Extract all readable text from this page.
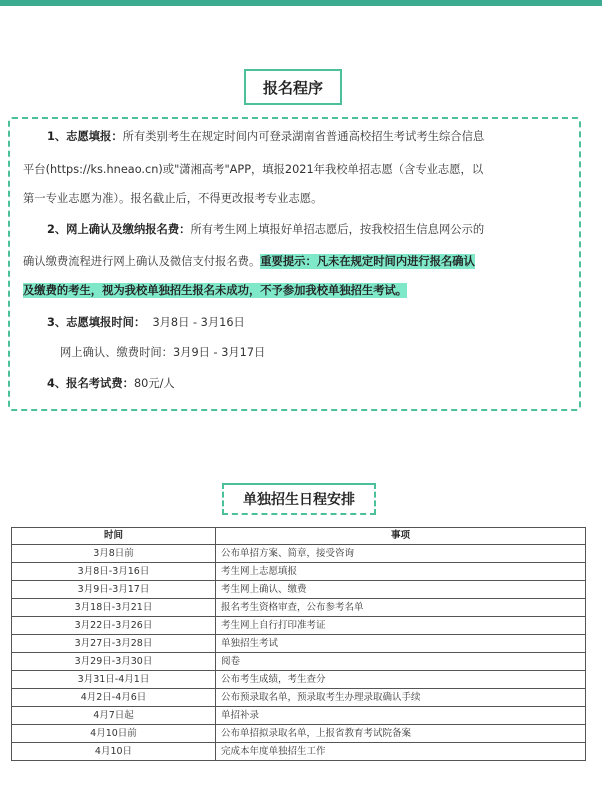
报名程序
1、志愿填报：所有类别考生在规定时间内可登录湖南省普通高校招生考试考生综合信息
平台(https://ks.hneao.cn)或"潇湘高考"APP，填报2021年我校单招志愿（含专业志愿，以
第一专业志愿为准）。报名截止后，不得更改报考专业志愿。
2、网上确认及缴纳报名费：所有考生网上填报好单招志愿后，按我校招生信息网公示的
确认缴费流程进行网上确认及微信支付报名费。重要提示：凡未在规定时间内进行报名确认
及缴费的考生，视为我校单独招生报名未成功，不予参加我校单独招生考试。
3、志愿填报时间： 3月8日 - 3月16日
网上确认、缴费时间：3月9日 - 3月17日
4、报名考试费：80元/人
单独招生日程安排
时间	事项
3月8日前	公布单招方案、简章，接受咨询
3月8日-3月16日	考生网上志愿填报
3月9日-3月17日	考生网上确认、缴费
3月18日-3月21日	报名考生资格审查，公布参考名单
3月22日-3月26日	考生网上自行打印准考证
3月27日-3月28日	单独招生考试
3月29日-3月30日	阅卷
3月31日-4月1日	公布考生成绩，考生查分
4月2日-4月6日	公布预录取名单，预录取考生办理录取确认手续
4月7日起	单招补录
4月10日前	公布单招拟录取名单，上报省教育考试院备案
4月10日	完成本年度单独招生工作
